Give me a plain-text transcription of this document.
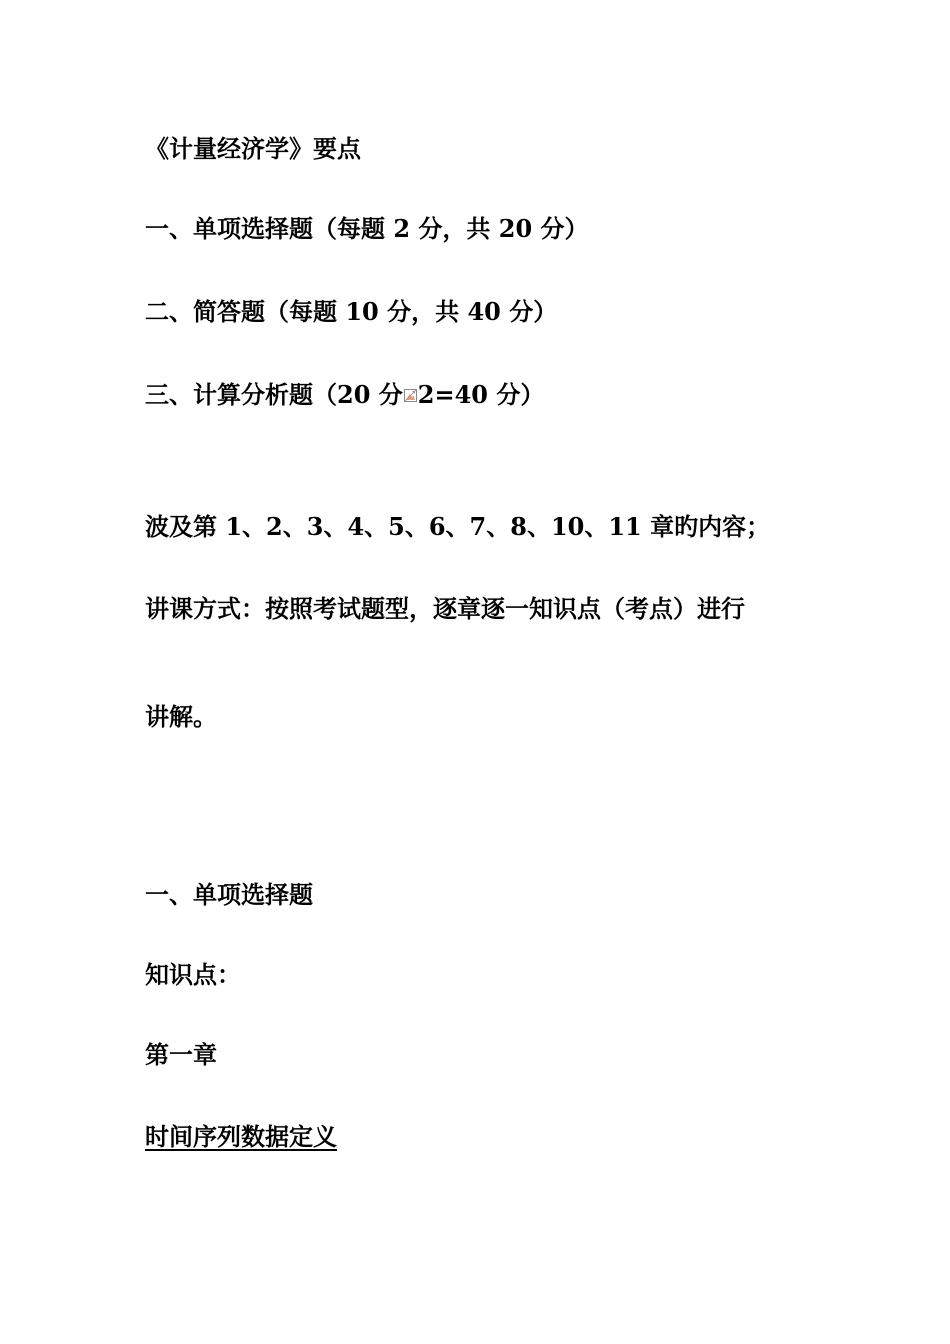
《计量经济学》要点

一、单项选择题（每题 2 分，共 20 分）

二、简答题（每题 10 分，共 40 分）

三、计算分析题（20 分 2=40 分）

波及第 1、2、3、4、5、6、7、8、10、11 章旳内容；

讲课方式：按照考试题型，逐章逐一知识点（考点）进行

讲解。

一、单项选择题

知识点：

第一章
时间序列数据定义
